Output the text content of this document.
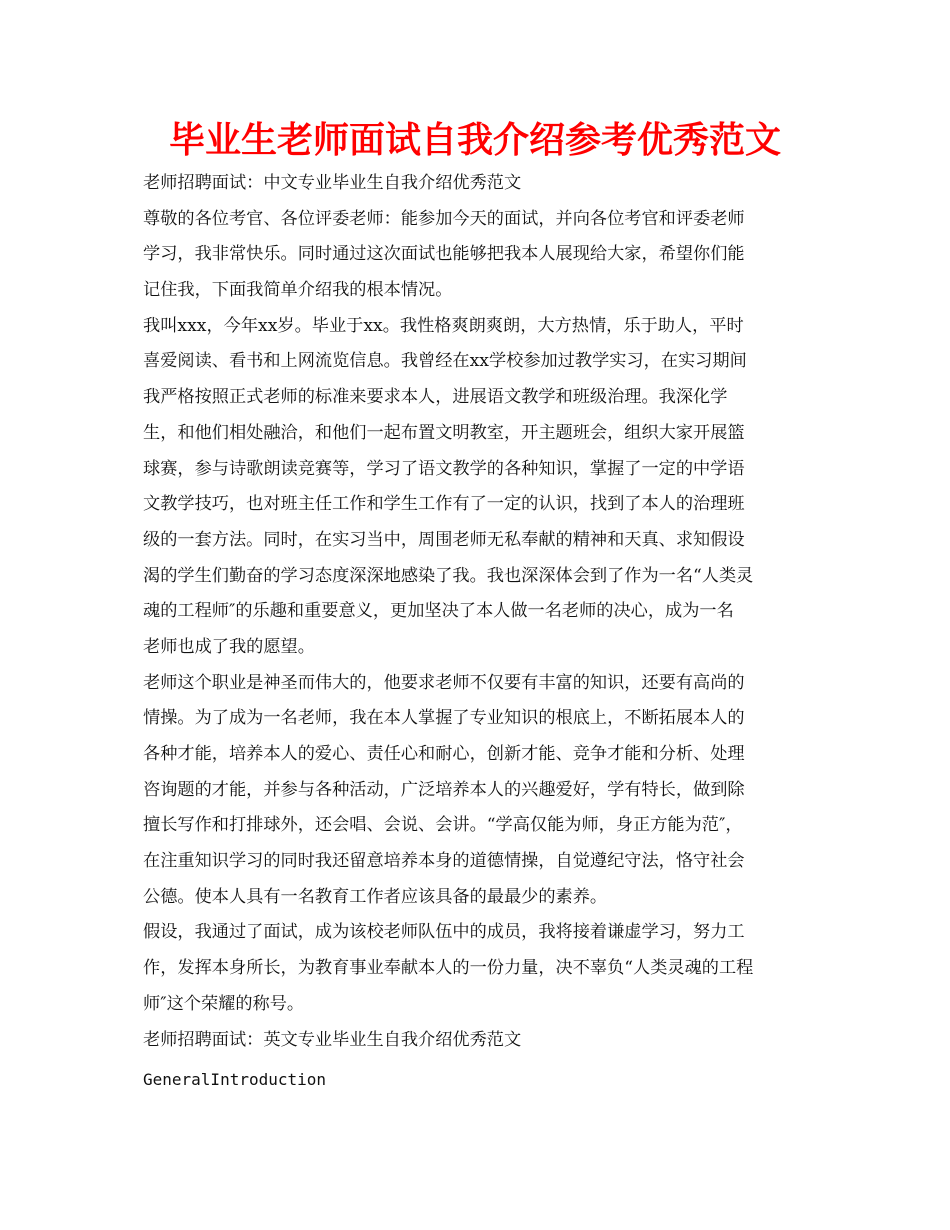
毕业生老师面试自我介绍参考优秀范文
老师招聘面试：中文专业毕业生自我介绍优秀范文
尊敬的各位考官、各位评委老师：能参加今天的面试，并向各位考官和评委老师
学习，我非常快乐。同时通过这次面试也能够把我本人展现给大家，希望你们能
记住我，下面我简单介绍我的根本情况。
我叫xxx，今年xx岁。毕业于xx。我性格爽朗爽朗，大方热情，乐于助人，平时
喜爱阅读、看书和上网流览信息。我曾经在xx学校参加过教学实习，在实习期间
我严格按照正式老师的标准来要求本人，进展语文教学和班级治理。我深化学
生，和他们相处融洽，和他们一起布置文明教室，开主题班会，组织大家开展篮
球赛，参与诗歌朗读竞赛等，学习了语文教学的各种知识，掌握了一定的中学语
文教学技巧，也对班主任工作和学生工作有了一定的认识，找到了本人的治理班
级的一套方法。同时，在实习当中，周围老师无私奉献的精神和天真、求知假设
渴的学生们勤奋的学习态度深深地感染了我。我也深深体会到了作为一名“人类灵
魂的工程师″的乐趣和重要意义，更加坚决了本人做一名老师的决心，成为一名
老师也成了我的愿望。
老师这个职业是神圣而伟大的，他要求老师不仅要有丰富的知识，还要有高尚的
情操。为了成为一名老师，我在本人掌握了专业知识的根底上，不断拓展本人的
各种才能，培养本人的爱心、责任心和耐心，创新才能、竞争才能和分析、处理
咨询题的才能，并参与各种活动，广泛培养本人的兴趣爱好，学有特长，做到除
擅长写作和打排球外，还会唱、会说、会讲。“学高仅能为师，身正方能为范″，
在注重知识学习的同时我还留意培养本身的道德情操，自觉遵纪守法，恪守社会
公德。使本人具有一名教育工作者应该具备的最最少的素养。
假设，我通过了面试，成为该校老师队伍中的成员，我将接着谦虚学习，努力工
作，发挥本身所长，为教育事业奉献本人的一份力量，决不辜负“人类灵魂的工程
师″这个荣耀的称号。
老师招聘面试：英文专业毕业生自我介绍优秀范文
GeneralIntroduction
